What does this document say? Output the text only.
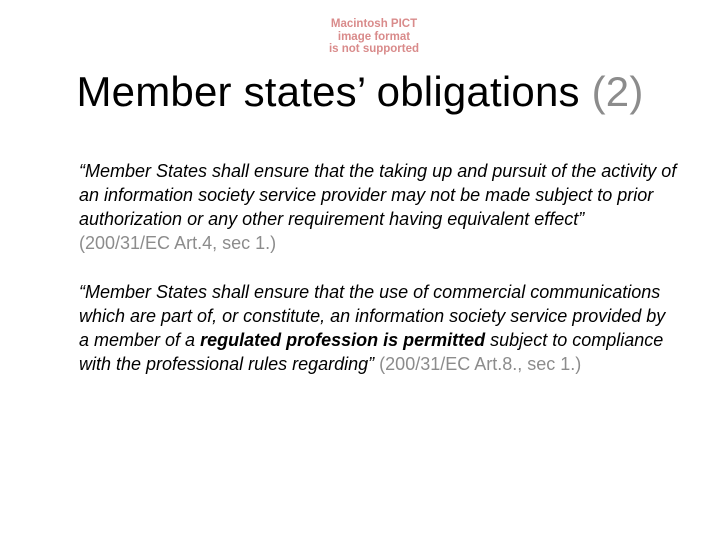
Macintosh PICT
image format
is not supported
Member states’ obligations (2)
“Member States shall ensure that the taking up and pursuit of the activity of an information society service provider may not be made subject to prior authorization or any other requirement having equivalent effect” (200/31/EC Art.4, sec 1.)
“Member States shall ensure that the use of commercial communications which are part of, or constitute, an information society service provided by a member of a regulated profession is permitted subject to compliance with the professional rules regarding” (200/31/EC Art.8., sec 1.)
